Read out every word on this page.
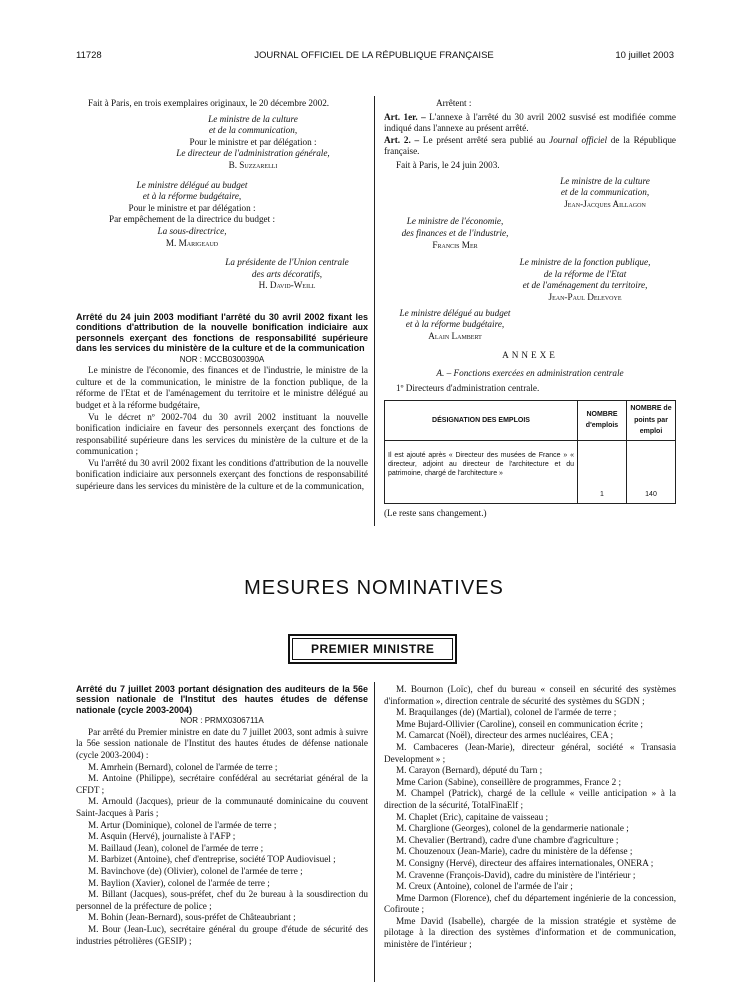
11728	JOURNAL OFFICIEL DE LA RÉPUBLIQUE FRANÇAISE	10 juillet 2003

Fait à Paris, en trois exemplaires originaux, le 20 décembre 2002.

Le ministre de la culture

et de la communication,

Pour le ministre et par délégation :

Le directeur de l'administration générale,

B. Suzzarelli

Le ministre délégué au budget

et à la réforme budgétaire,

Pour le ministre et par délégation :

Par empêchement de la directrice du budget :

La sous-directrice,

M. Marigeaud

La présidente de l'Union centrale

des arts décoratifs,

H. David-Weill

Arrêté du 24 juin 2003 modifiant l'arrêté du 30 avril 2002 fixant les conditions d'attribution de la nouvelle bonification indiciaire aux personnels exerçant des fonctions de responsabilité supérieure dans les services du ministère de la culture et de la communication

NOR : MCCB0300390A

Le ministre de l'économie, des finances et de l'industrie, le ministre de la culture et de la communication, le ministre de la fonction publique, de la réforme de l'Etat et de l'aménagement du territoire et le ministre délégué au budget et à la réforme budgétaire,

Vu le décret nº 2002-704 du 30 avril 2002 instituant la nouvelle bonification indiciaire en faveur des personnels exerçant des fonctions de responsabilité supérieure dans les services du ministère de la culture et de la communication ;

Vu l'arrêté du 30 avril 2002 fixant les conditions d'attribution de la nouvelle bonification indiciaire aux personnels exerçant des fonctions de responsabilité supérieure dans les services du ministère de la culture et de la communication,

Arrêtent :

Art. 1er. – L'annexe à l'arrêté du 30 avril 2002 susvisé est modifiée comme indiqué dans l'annexe au présent arrêté.

Art. 2. – Le présent arrêté sera publié au Journal officiel de la République française.

Fait à Paris, le 24 juin 2003.

Le ministre de la culture

et de la communication,

Jean-Jacques Aillagon

Le ministre de l'économie,

des finances et de l'industrie,

Francis Mer

Le ministre de la fonction publique,

de la réforme de l'Etat

et de l'aménagement du territoire,

Jean-Paul Delevoye

Le ministre délégué au budget

et à la réforme budgétaire,

Alain Lambert

ANNEXE

A. – Fonctions exercées en administration centrale

1º Directeurs d'administration centrale.

DÉSIGNATION DES EMPLOIS	NOMBRE d'emplois	NOMBRE de points par emploi
Il est ajouté après « Directeur des musées de France » « directeur, adjoint au directeur de l'architecture et du patrimoine, chargé de l'architecture »	1	140

(Le reste sans changement.)

MESURES NOMINATIVES
PREMIER MINISTRE

Arrêté du 7 juillet 2003 portant désignation des auditeurs de la 56e session nationale de l'Institut des hautes études de défense nationale (cycle 2003-2004)

NOR : PRMX0306711A

Par arrêté du Premier ministre en date du 7 juillet 2003, sont admis à suivre la 56e session nationale de l'Institut des hautes études de défense nationale (cycle 2003-2004) :

M. Amrhein (Bernard), colonel de l'armée de terre ;

M. Antoine (Philippe), secrétaire confédéral au secrétariat général de la CFDT ;

M. Arnould (Jacques), prieur de la communauté dominicaine du couvent Saint-Jacques à Paris ;

M. Artur (Dominique), colonel de l'armée de terre ;

M. Asquin (Hervé), journaliste à l'AFP ;

M. Baillaud (Jean), colonel de l'armée de terre ;

M. Barbizet (Antoine), chef d'entreprise, société TOP Audiovisuel ;

M. Bavinchove (de) (Olivier), colonel de l'armée de terre ;

M. Baylion (Xavier), colonel de l'armée de terre ;

M. Billant (Jacques), sous-préfet, chef du 2e bureau à la sousdirection du personnel de la préfecture de police ;

M. Bohin (Jean-Bernard), sous-préfet de Châteaubriant ;

M. Bour (Jean-Luc), secrétaire général du groupe d'étude de sécurité des industries pétrolières (GESIP) ;

M. Bournon (Loïc), chef du bureau « conseil en sécurité des systèmes d'information », direction centrale de sécurité des systèmes du SGDN ;

M. Braquilanges (de) (Martial), colonel de l'armée de terre ;

Mme Bujard-Ollivier (Caroline), conseil en communication écrite ;

M. Camarcat (Noël), directeur des armes nucléaires, CEA ;

M. Cambaceres (Jean-Marie), directeur général, société « Transasia Development » ;

M. Carayon (Bernard), député du Tarn ;

Mme Carion (Sabine), conseillère de programmes, France 2 ;

M. Champel (Patrick), chargé de la cellule « veille anticipation » à la direction de la sécurité, TotalFinaElf ;

M. Chaplet (Eric), capitaine de vaisseau ;

M. Charglione (Georges), colonel de la gendarmerie nationale ;

M. Chevalier (Bertrand), cadre d'une chambre d'agriculture ;

M. Chouzenoux (Jean-Marie), cadre du ministère de la défense ;

M. Consigny (Hervé), directeur des affaires internationales, ONERA ;

M. Cravenne (François-David), cadre du ministère de l'intérieur ;

M. Creux (Antoine), colonel de l'armée de l'air ;

Mme Darmon (Florence), chef du département ingénierie de la concession, Cofiroute ;

Mme David (Isabelle), chargée de la mission stratégie et système de pilotage à la direction des systèmes d'information et de communication, ministère de l'intérieur ;
